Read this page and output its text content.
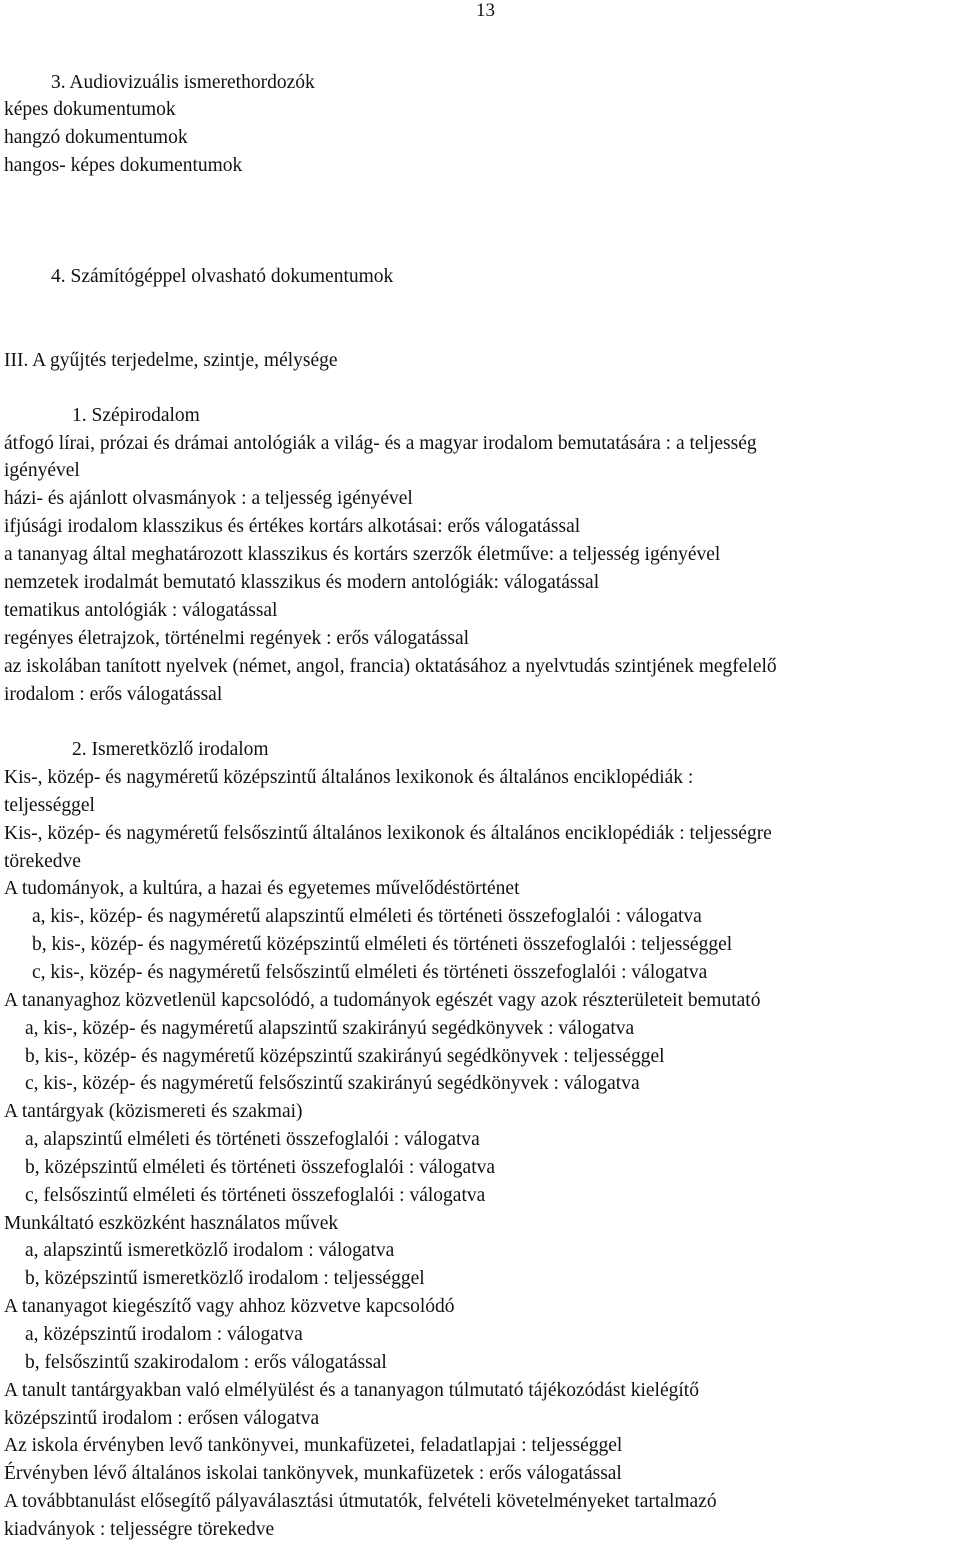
13
3. Audiovizuális ismerethordozók
képes dokumentumok
hangzó dokumentumok
hangos- képes dokumentumok
4. Számítógéppel olvasható dokumentumok
III. A gyűjtés terjedelme, szintje, mélysége
1. Szépirodalom
átfogó lírai, prózai és drámai antológiák a világ- és a magyar irodalom bemutatására : a teljesség
igényével
házi- és ajánlott olvasmányok : a teljesség igényével
ifjúsági irodalom klasszikus és értékes kortárs alkotásai: erős válogatással
a tananyag által meghatározott klasszikus és kortárs szerzők életműve: a teljesség igényével
nemzetek irodalmát bemutató klasszikus és modern antológiák: válogatással
tematikus antológiák : válogatással
regényes életrajzok, történelmi regények : erős válogatással
az iskolában tanított nyelvek (német, angol, francia) oktatásához a nyelvtudás szintjének megfelelő
irodalom : erős válogatással
2. Ismeretközlő irodalom
Kis-, közép- és nagyméretű középszintű általános lexikonok és általános enciklopédiák :
teljességgel
Kis-, közép- és nagyméretű felsőszintű általános lexikonok és általános enciklopédiák : teljességre
törekedve
A tudományok, a kultúra, a hazai és egyetemes művelődéstörténet
a, kis-, közép- és nagyméretű alapszintű elméleti és történeti összefoglalói : válogatva
b, kis-, közép- és nagyméretű középszintű elméleti és történeti összefoglalói : teljességgel
c, kis-, közép- és nagyméretű felsőszintű elméleti és történeti összefoglalói : válogatva
A tananyaghoz közvetlenül kapcsolódó, a tudományok egészét vagy azok részterületeit bemutató
a, kis-, közép- és nagyméretű alapszintű szakirányú segédkönyvek : válogatva
b, kis-, közép- és nagyméretű középszintű szakirányú segédkönyvek : teljességgel
c, kis-, közép- és nagyméretű felsőszintű szakirányú segédkönyvek : válogatva
A tantárgyak (közismereti és szakmai)
a, alapszintű elméleti és történeti összefoglalói : válogatva
b, középszintű elméleti és történeti összefoglalói : válogatva
c, felsőszintű elméleti és történeti összefoglalói : válogatva
Munkáltató eszközként használatos művek
a, alapszintű ismeretközlő irodalom : válogatva
b, középszintű ismeretközlő irodalom : teljességgel
A tananyagot kiegészítő vagy ahhoz közvetve kapcsolódó
a, középszintű irodalom : válogatva
b, felsőszintű szakirodalom : erős válogatással
A tanult tantárgyakban való elmélyülést és a tananyagon túlmutató tájékozódást kielégítő
középszintű irodalom : erősen válogatva
Az iskola érvényben levő tankönyvei, munkafüzetei, feladatlapjai : teljességgel
Érvényben lévő általános iskolai tankönyvek, munkafüzetek : erős válogatással
A továbbtanulást elősegítő pályaválasztási útmutatók, felvételi követelményeket tartalmazó
kiadványok : teljességre törekedve
